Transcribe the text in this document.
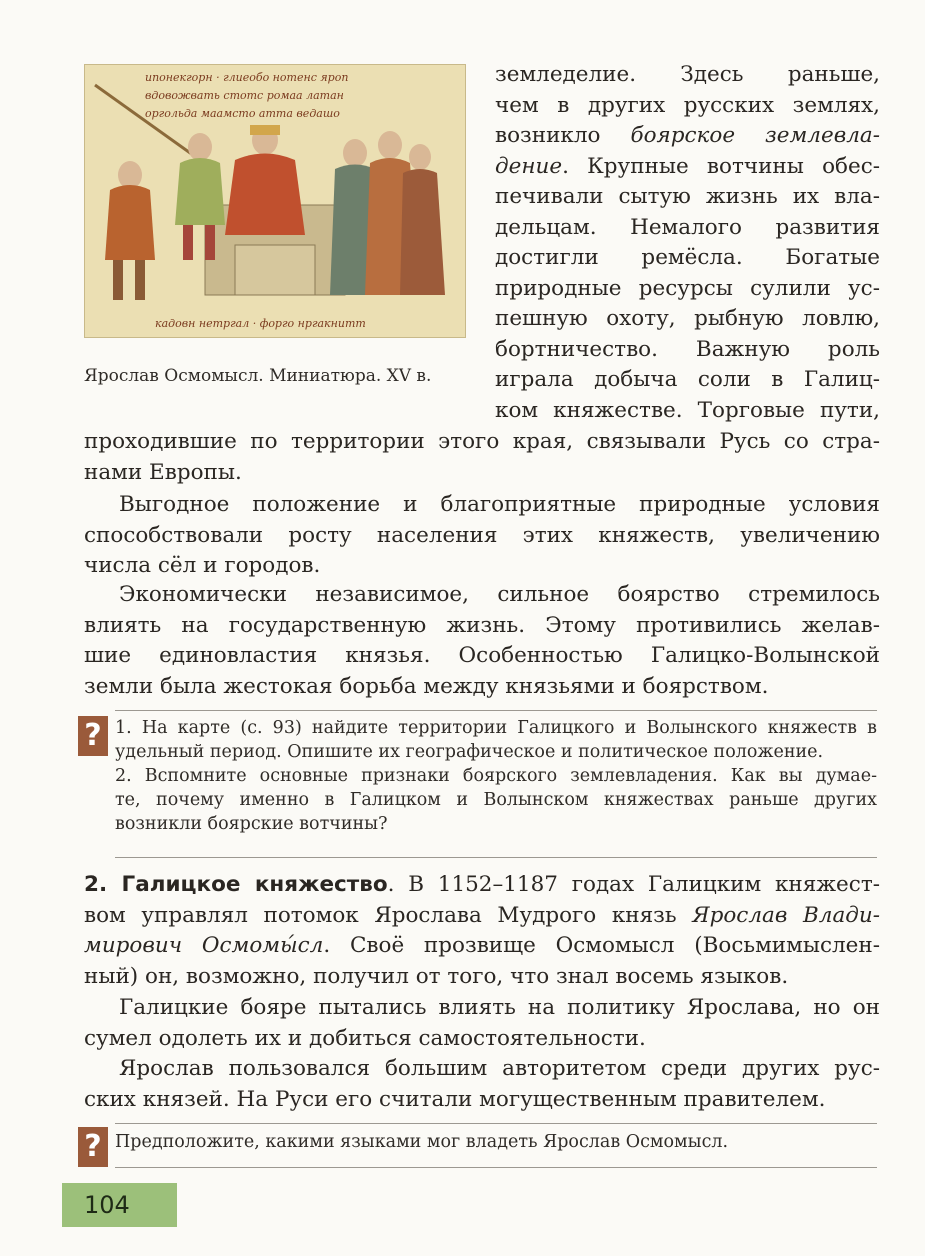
ипонекгорн · глиеобо нотенс яроп
вдовожвать стотс ромаа латан
оргольда маамсто атта ведашо
кадовн нетргал · форго нргакнитт
Ярослав Осмомысл. Миниатюра. XV в.
земледелие. Здесь раньше,
чем в других русских землях,
возникло боярское землевла-
дение. Крупные вотчины обес-
печивали сытую жизнь их вла-
дельцам. Немалого развития
достигли ремёсла. Богатые
природные ресурсы сулили ус-
пешную охоту, рыбную ловлю,
бортничество. Важную роль
играла добыча соли в Галиц-
ком княжестве. Торговые пути,
проходившие по территории этого края, связывали Русь со стра-
нами Европы.
Выгодное положение и благоприятные природные условия
способствовали росту населения этих княжеств, увеличению
числа сёл и городов.
Экономически независимое, сильное боярство стремилось
влиять на государственную жизнь. Этому противились желав-
шие единовластия князья. Особенностью Галицко-Волынской
земли была жестокая борьба между князьями и боярством.
? 1. На карте (с. 93) найдите территории Галицкого и Волынского княжеств в
удельный период. Опишите их географическое и политическое положение.
2. Вспомните основные признаки боярского землевладения. Как вы думае-
те, почему именно в Галицком и Волынском княжествах раньше других
возникли боярские вотчины?
2. Галицкое княжество. В 1152–1187 годах Галицким княжест-
вом управлял потомок Ярослава Мудрого князь Ярослав Влади-
мирович Осмомы́сл. Своё прозвище Осмомысл (Восьмимыслен-
ный) он, возможно, получил от того, что знал восемь языков.
Галицкие бояре пытались влиять на политику Ярослава, но он
сумел одолеть их и добиться самостоятельности.
Ярослав пользовался большим авторитетом среди других рус-
ских князей. На Руси его считали могущественным правителем.
? Предположите, какими языками мог владеть Ярослав Осмомысл.
104
